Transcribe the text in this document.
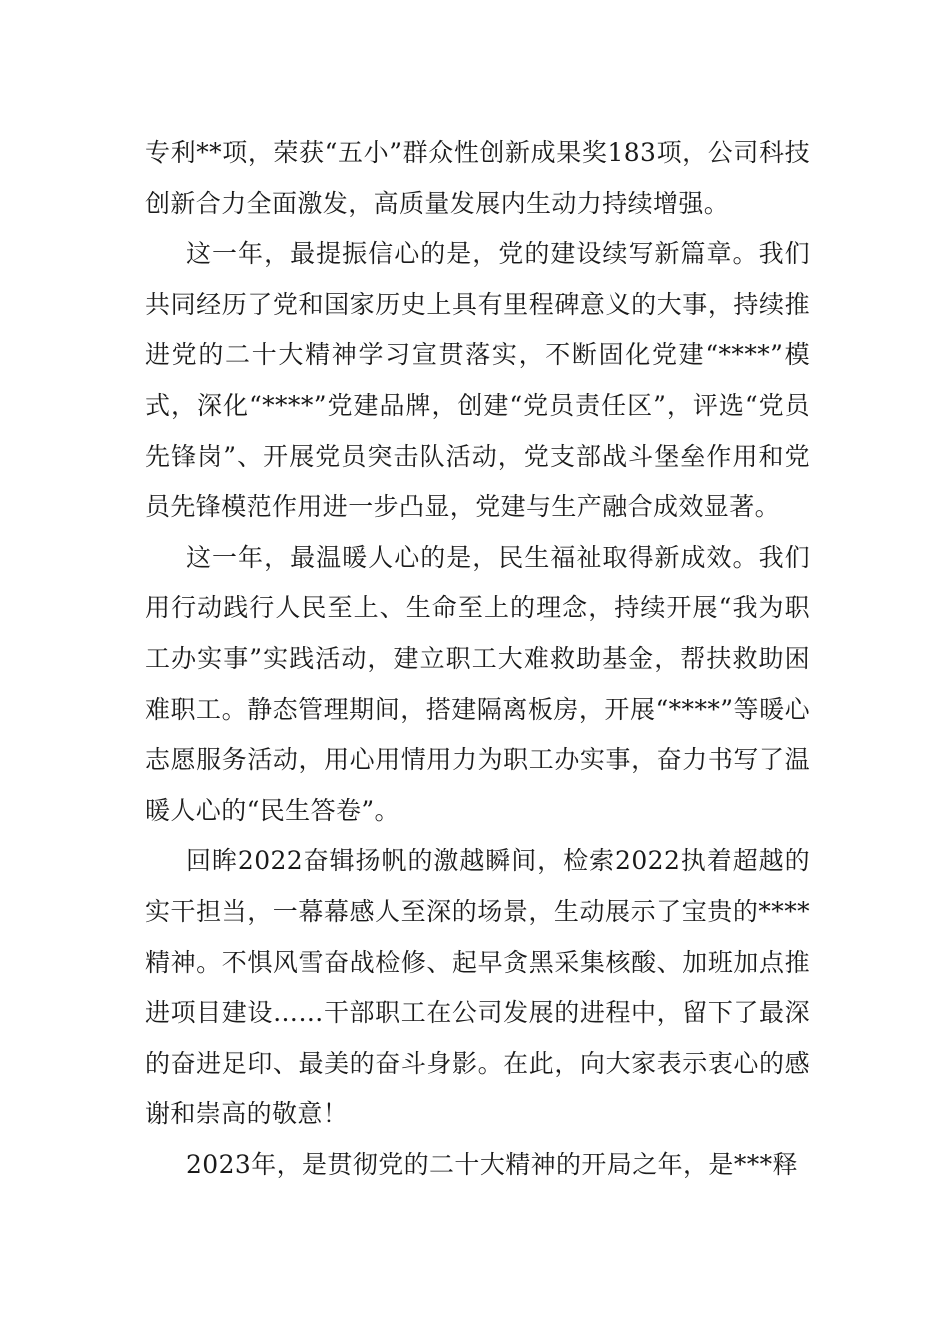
专利**项，荣获“五小”群众性创新成果奖183项，公司科技创新合力全面激发，高质量发展内生动力持续增强。

这一年，最提振信心的是，党的建设续写新篇章。我们共同经历了党和国家历史上具有里程碑意义的大事，持续推进党的二十大精神学习宣贯落实，不断固化党建“****”模式，深化“****”党建品牌，创建“党员责任区”，评选“党员先锋岗”、开展党员突击队活动，党支部战斗堡垒作用和党员先锋模范作用进一步凸显，党建与生产融合成效显著。

这一年，最温暖人心的是，民生福祉取得新成效。我们用行动践行人民至上、生命至上的理念，持续开展“我为职工办实事”实践活动，建立职工大难救助基金，帮扶救助困难职工。静态管理期间，搭建隔离板房，开展“****”等暖心志愿服务活动，用心用情用力为职工办实事，奋力书写了温暖人心的“民生答卷”。

回眸2022奋辑扬帆的激越瞬间，检索2022执着超越的实干担当，一幕幕感人至深的场景，生动展示了宝贵的****精神。不惧风雪奋战检修、起早贪黑采集核酸、加班加点推进项目建设……干部职工在公司发展的进程中，留下了最深的奋进足印、最美的奋斗身影。在此，向大家表示衷心的感谢和崇高的敬意！

2023年，是贯彻党的二十大精神的开局之年，是***释
